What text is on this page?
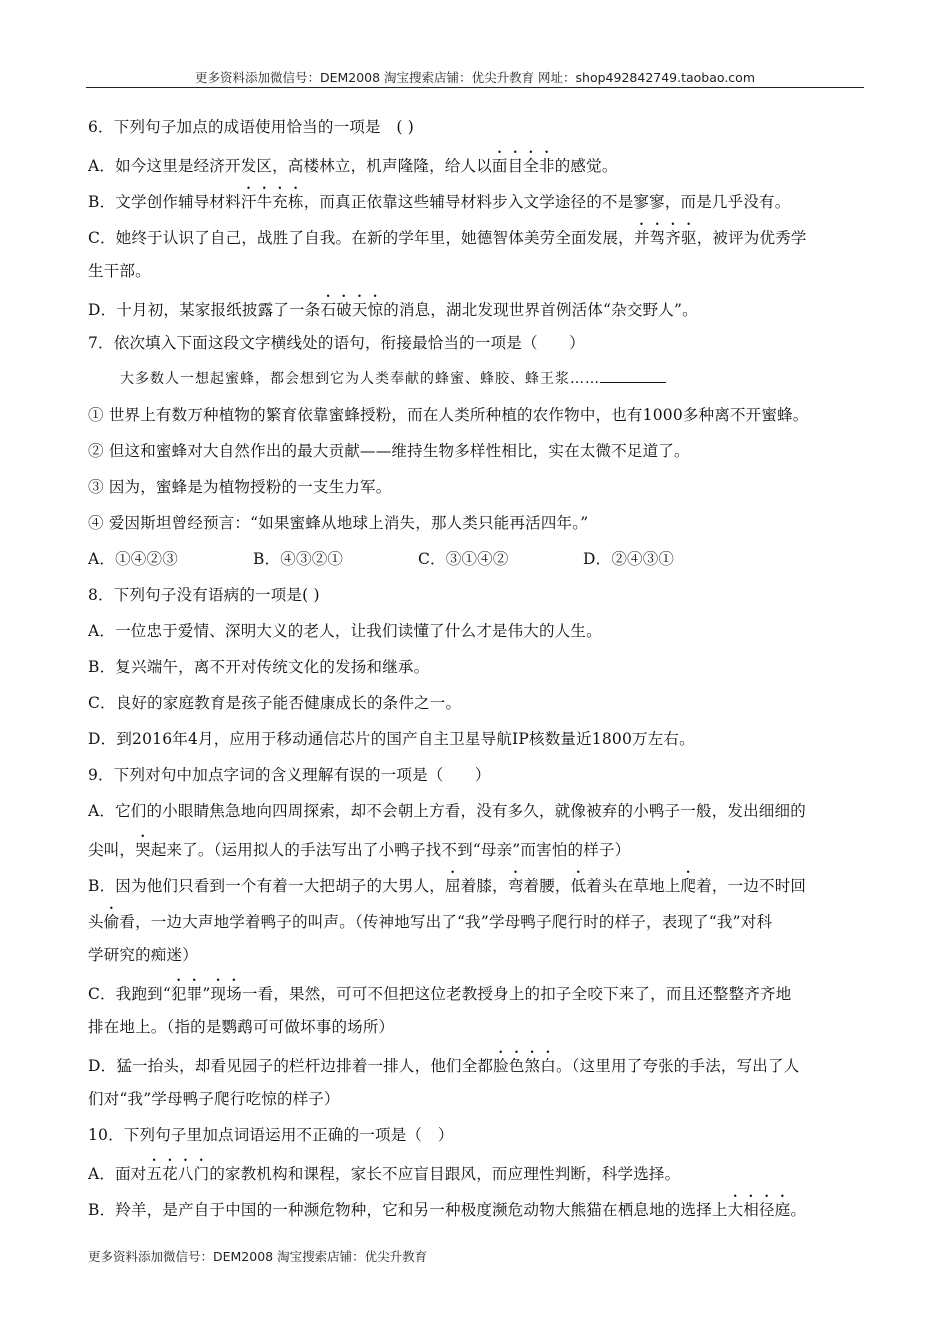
更多资料添加微信号：DEM2008 淘宝搜索店铺：优尖升教育 网址：shop492842749.taobao.com
6．下列句子加点的成语使用恰当的一项是　( )
A．如今这里是经济开发区，高楼林立，机声隆隆，给人以面目全非的感觉。
B．文学创作辅导材料汗牛充栋，而真正依靠这些辅导材料步入文学途径的不是寥寥，而是几乎没有。
C．她终于认识了自己，战胜了自我。在新的学年里，她德智体美劳全面发展，并驾齐驱，被评为优秀学
生干部。
D．十月初，某家报纸披露了一条石破天惊的消息，湖北发现世界首例活体“杂交野人”。
7．依次填入下面这段文字横线处的语句，衔接最恰当的一项是（　　）
大多数人一想起蜜蜂，都会想到它为人类奉献的蜂蜜、蜂胶、蜂王浆……
① 世界上有数万种植物的繁育依靠蜜蜂授粉，而在人类所种植的农作物中，也有1000多种离不开蜜蜂。
② 但这和蜜蜂对大自然作出的最大贡献——维持生物多样性相比，实在太微不足道了。
③ 因为，蜜蜂是为植物授粉的一支生力军。
④ 爱因斯坦曾经预言：“如果蜜蜂从地球上消失，那人类只能再活四年。”
A．①④②③	B．④③②①	C．③①④②	D．②④③①
8．下列句子没有语病的一项是( )
A．一位忠于爱情、深明大义的老人，让我们读懂了什么才是伟大的人生。
B．复兴端午，离不开对传统文化的发扬和继承。
C．良好的家庭教育是孩子能否健康成长的条件之一。
D．到2016年4月，应用于移动通信芯片的国产自主卫星导航IP核数量近1800万左右。
9．下列对句中加点字词的含义理解有误的一项是（　　）
A．它们的小眼睛焦急地向四周探索，却不会朝上方看，没有多久，就像被弃的小鸭子一般，发出细细的
尖叫，哭起来了。（运用拟人的手法写出了小鸭子找不到“母亲”而害怕的样子）
B．因为他们只看到一个有着一大把胡子的大男人，屈着膝，弯着腰，低着头在草地上爬着，一边不时回
头偷看，一边大声地学着鸭子的叫声。（传神地写出了“我”学母鸭子爬行时的样子，表现了“我”对科
学研究的痴迷）
C．我跑到“犯罪”现场一看，果然，可可不但把这位老教授身上的扣子全咬下来了，而且还整整齐齐地
排在地上。（指的是鹦鹉可可做坏事的场所）
D．猛一抬头，却看见园子的栏杆边排着一排人，他们全都脸色煞白。（这里用了夸张的手法，写出了人
们对“我”学母鸭子爬行吃惊的样子）
10．下列句子里加点词语运用不正确的一项是（　）
A．面对五花八门的家教机构和课程，家长不应盲目跟风，而应理性判断，科学选择。
B．羚羊，是产自于中国的一种濒危物种，它和另一种极度濒危动物大熊猫在栖息地的选择上大相径庭。
更多资料添加微信号：DEM2008 淘宝搜索店铺：优尖升教育
